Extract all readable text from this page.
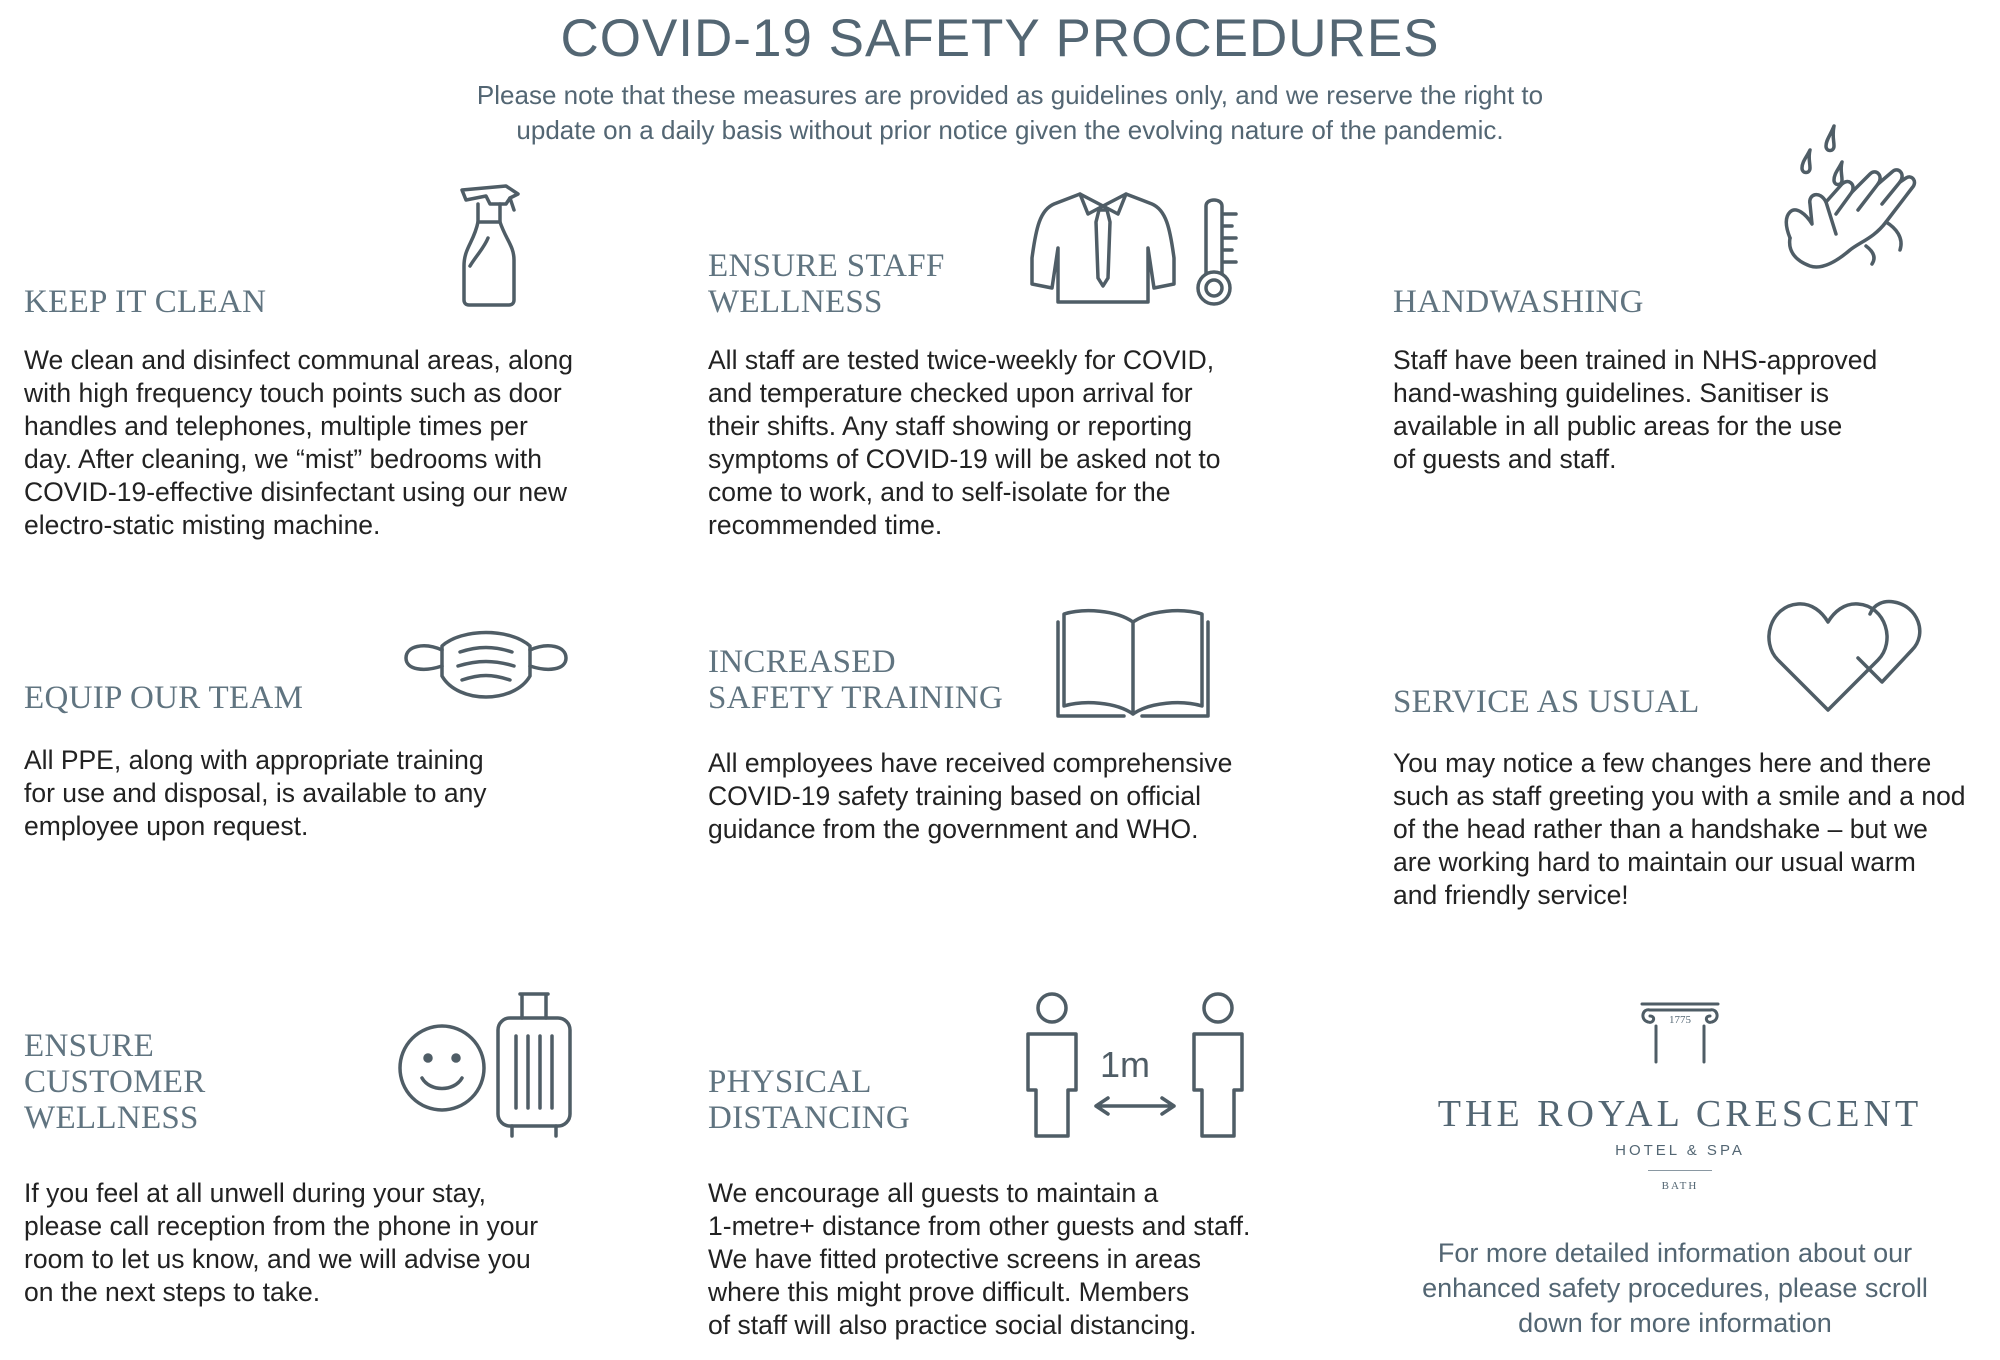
COVID-19 SAFETY PROCEDURES
Please note that these measures are provided as guidelines only, and we reserve the right to
update on a daily basis without prior notice given the evolving nature of the pandemic.
KEEP IT CLEAN
We clean and disinfect communal areas, along
with high frequency touch points such as door
handles and telephones, multiple times per
day. After cleaning, we “mist” bedrooms with
COVID-19-effective disinfectant using our new
electro-static misting machine.
ENSURE STAFF
WELLNESS
All staff are tested twice-weekly for COVID,
and temperature checked upon arrival for
their shifts. Any staff showing or reporting
symptoms of COVID-19 will be asked not to
come to work, and to self-isolate for the
recommended time.
HANDWASHING
Staff have been trained in NHS-approved
hand-washing guidelines. Sanitiser is
available in all public areas for the use
of guests and staff.
EQUIP OUR TEAM
All PPE, along with appropriate training
for use and disposal, is available to any
employee upon request.
INCREASED
SAFETY TRAINING
All employees have received comprehensive
COVID-19 safety training based on official
guidance from the government and WHO.
SERVICE AS USUAL
You may notice a few changes here and there
such as staff greeting you with a smile and a nod
of the head rather than a handshake – but we
are working hard to maintain our usual warm
and friendly service!
ENSURE
CUSTOMER
WELLNESS
If you feel at all unwell during your stay,
please call reception from the phone in your
room to let us know, and we will advise you
on the next steps to take.
1m
PHYSICAL
DISTANCING
We encourage all guests to maintain a
1-metre+ distance from other guests and staff.
We have fitted protective screens in areas
where this might prove difficult. Members
of staff will also practice social distancing.
1775
THE ROYAL CRESCENT
HOTEL & SPA
BATH
For more detailed information about our
enhanced safety procedures, please scroll
down for more information
